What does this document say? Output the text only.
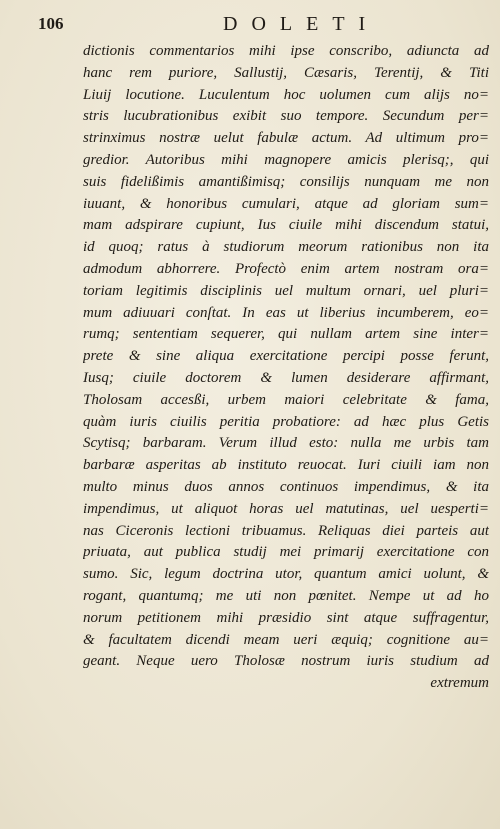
106	DOLETI
dictionis commentarios mihi ipse conscribo, adiuncta ad
hanc rem puriore, Sallustij, Cæsaris, Terentij, & Titi
Liuij locutione. Luculentum hoc uolumen cum alijs no=
stris lucubrationibus exibit suo tempore. Secundum per=
strinximus nostræ uelut fabulæ actum. Ad ultimum pro=
gredior. Autoribus mihi magnopere amicis plerisq;, qui
suis fidelißimis amantißimisq; consilijs nunquam me non
iuuant, & honoribus cumulari, atque ad gloriam sum=
mam adspirare cupiunt, Ius ciuile mihi discendum statui,
id quoq; ratus à studiorum meorum rationibus non ita
admodum abhorrere. Profectò enim artem nostram ora=
toriam legitimis disciplinis uel multum ornari, uel pluri=
mum adiuuari conſtat. In eas ut liberius incumberem, eo=
rumq; sententiam sequerer, qui nullam artem sine inter=
prete & sine aliqua exercitatione percipi posse ferunt,
Iusq; ciuile doctorem & lumen desiderare affirmant,
Tholosam accesßi, urbem maiori celebritate & fama,
quàm iuris ciuilis peritia probatiore: ad hæc plus Getis
Scytisq; barbaram. Verum illud esto: nulla me urbis tam
barbaræ asperitas ab instituto reuocat. Iuri ciuili iam non
multo minus duos annos continuos impendimus, & ita
impendimus, ut aliquot horas uel matutinas, uel uesperti=
nas Ciceronis lectioni tribuamus. Reliquas diei parteis aut
priuata, aut publica studij mei primarij exercitatione con
sumo. Sic, legum doctrina utor, quantum amici uolunt, &
rogant, quantumq; me uti non pœnitet. Nempe ut ad ho
norum petitionem mihi præsidio sint atque suffragentur,
& facultatem dicendi meam ueri æquiq; cognitione au=
geant. Neque uero Tholosæ nostrum iuris studium ad
extremum
